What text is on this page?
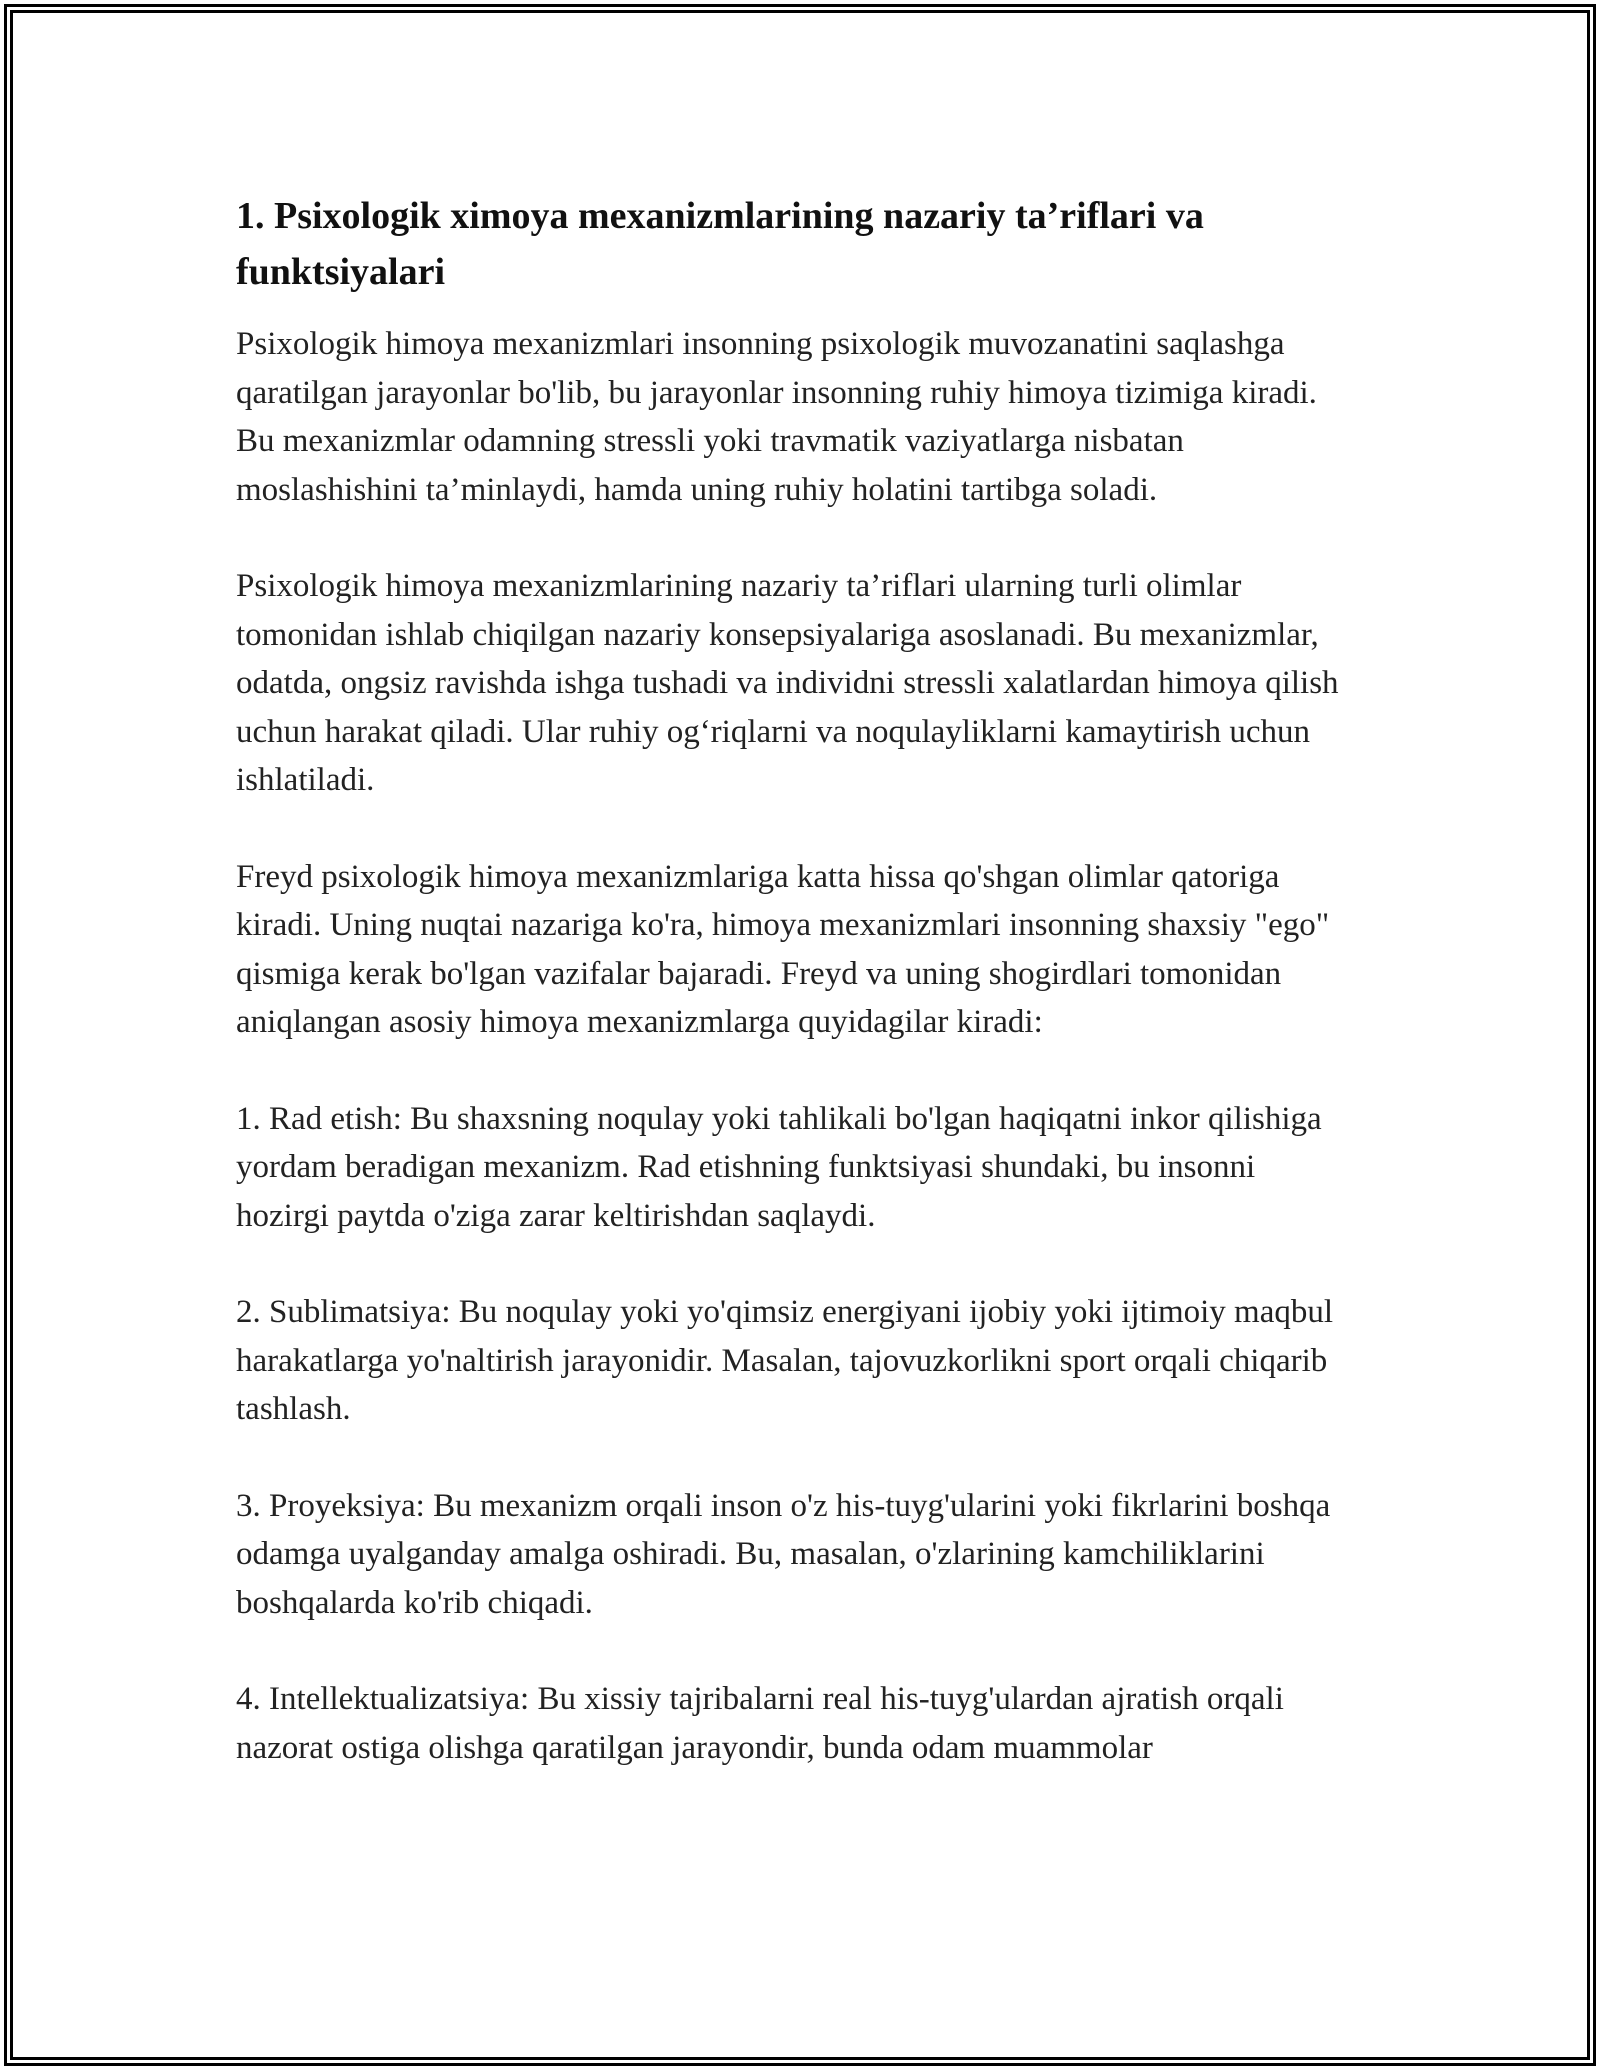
1. Psixologik ximoya mexanizmlarining nazariy ta’riflari va funktsiyalari

Psixologik himoya mexanizmlari insonning psixologik muvozanatini saqlashga qaratilgan jarayonlar bo'lib, bu jarayonlar insonning ruhiy himoya tizimiga kiradi. Bu mexanizmlar odamning stressli yoki travmatik vaziyatlarga nisbatan moslashishini ta’minlaydi, hamda uning ruhiy holatini tartibga soladi.

Psixologik himoya mexanizmlarining nazariy ta’riflari ularning turli olimlar tomonidan ishlab chiqilgan nazariy konsepsiyalariga asoslanadi. Bu mexanizmlar, odatda, ongsiz ravishda ishga tushadi va individni stressli xalatlardan himoya qilish uchun harakat qiladi. Ular ruhiy og‘riqlarni va noqulayliklarni kamaytirish uchun ishlatiladi.

Freyd psixologik himoya mexanizmlariga katta hissa qo'shgan olimlar qatoriga kiradi. Uning nuqtai nazariga ko'ra, himoya mexanizmlari insonning shaxsiy "ego" qismiga kerak bo'lgan vazifalar bajaradi. Freyd va uning shogirdlari tomonidan aniqlangan asosiy himoya mexanizmlarga quyidagilar kiradi:

1. Rad etish: Bu shaxsning noqulay yoki tahlikali bo'lgan haqiqatni inkor qilishiga yordam beradigan mexanizm. Rad etishning funktsiyasi shundaki, bu insonni hozirgi paytda o'ziga zarar keltirishdan saqlaydi.

2. Sublimatsiya: Bu noqulay yoki yo'qimsiz energiyani ijobiy yoki ijtimoiy maqbul harakatlarga yo'naltirish jarayonidir. Masalan, tajovuzkorlikni sport orqali chiqarib tashlash.

3. Proyeksiya: Bu mexanizm orqali inson o'z his-tuyg'ularini yoki fikrlarini boshqa odamga uyalganday amalga oshiradi. Bu, masalan, o'zlarining kamchiliklarini boshqalarda ko'rib chiqadi.

4. Intellektualizatsiya: Bu xissiy tajribalarni real his-tuyg'ulardan ajratish orqali nazorat ostiga olishga qaratilgan jarayondir, bunda odam muammolar
